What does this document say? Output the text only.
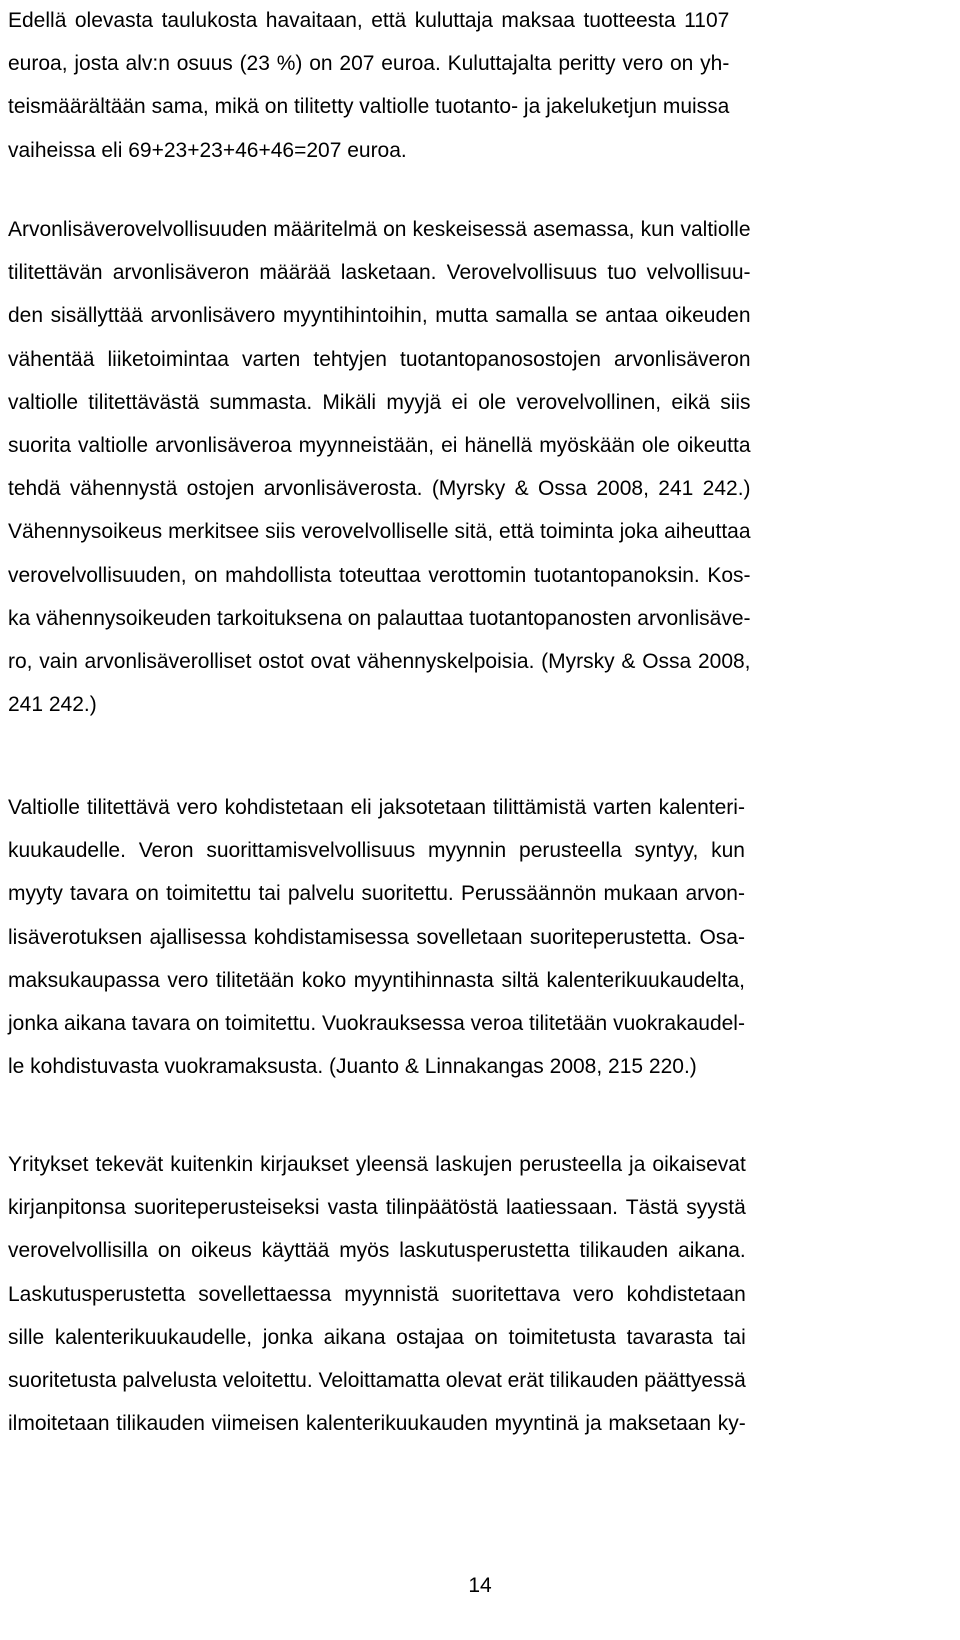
Edellä olevasta taulukosta havaitaan, että kuluttaja maksaa tuotteesta 1107
euroa, josta alv:n osuus (23 %) on 207 euroa. Kuluttajalta peritty vero on yh-
teismäärältään sama, mikä on tilitetty valtiolle tuotanto- ja jakeluketjun muissa
vaiheissa eli 69+23+23+46+46=207 euroa.
Arvonlisäverovelvollisuuden määritelmä on keskeisessä asemassa, kun valtiolle
tilitettävän arvonlisäveron määrää lasketaan. Verovelvollisuus tuo velvollisuu-
den sisällyttää arvonlisävero myyntihintoihin, mutta samalla se antaa oikeuden
vähentää liiketoimintaa varten tehtyjen tuotantopanosostojen arvonlisäveron
valtiolle tilitettävästä summasta. Mikäli myyjä ei ole verovelvollinen, eikä siis
suorita valtiolle arvonlisäveroa myynneistään, ei hänellä myöskään ole oikeutta
tehdä vähennystä ostojen arvonlisäverosta. (Myrsky & Ossa 2008, 241 242.)
Vähennysoikeus merkitsee siis verovelvolliselle sitä, että toiminta joka aiheuttaa
verovelvollisuuden, on mahdollista toteuttaa verottomin tuotantopanoksin. Kos-
ka vähennysoikeuden tarkoituksena on palauttaa tuotantopanosten arvonlisäve-
ro, vain arvonlisäverolliset ostot ovat vähennyskelpoisia. (Myrsky & Ossa 2008,
241 242.)
Valtiolle tilitettävä vero kohdistetaan eli jaksotetaan tilittämistä varten kalenteri-
kuukaudelle. Veron suorittamisvelvollisuus myynnin perusteella syntyy, kun
myyty tavara on toimitettu tai palvelu suoritettu. Perussäännön mukaan arvon-
lisäverotuksen ajallisessa kohdistamisessa sovelletaan suoriteperustetta. Osa-
maksukaupassa vero tilitetään koko myyntihinnasta siltä kalenterikuukaudelta,
jonka aikana tavara on toimitettu. Vuokrauksessa veroa tilitetään vuokrakaudel-
le kohdistuvasta vuokramaksusta. (Juanto & Linnakangas 2008, 215 220.)
Yritykset tekevät kuitenkin kirjaukset yleensä laskujen perusteella ja oikaisevat
kirjanpitonsa suoriteperusteiseksi vasta tilinpäätöstä laatiessaan. Tästä syystä
verovelvollisilla on oikeus käyttää myös laskutusperustetta tilikauden aikana.
Laskutusperustetta sovellettaessa myynnistä suoritettava vero kohdistetaan
sille kalenterikuukaudelle, jonka aikana ostajaa on toimitetusta tavarasta tai
suoritetusta palvelusta veloitettu. Veloittamatta olevat erät tilikauden päättyessä
ilmoitetaan tilikauden viimeisen kalenterikuukauden myyntinä ja maksetaan ky-
14
